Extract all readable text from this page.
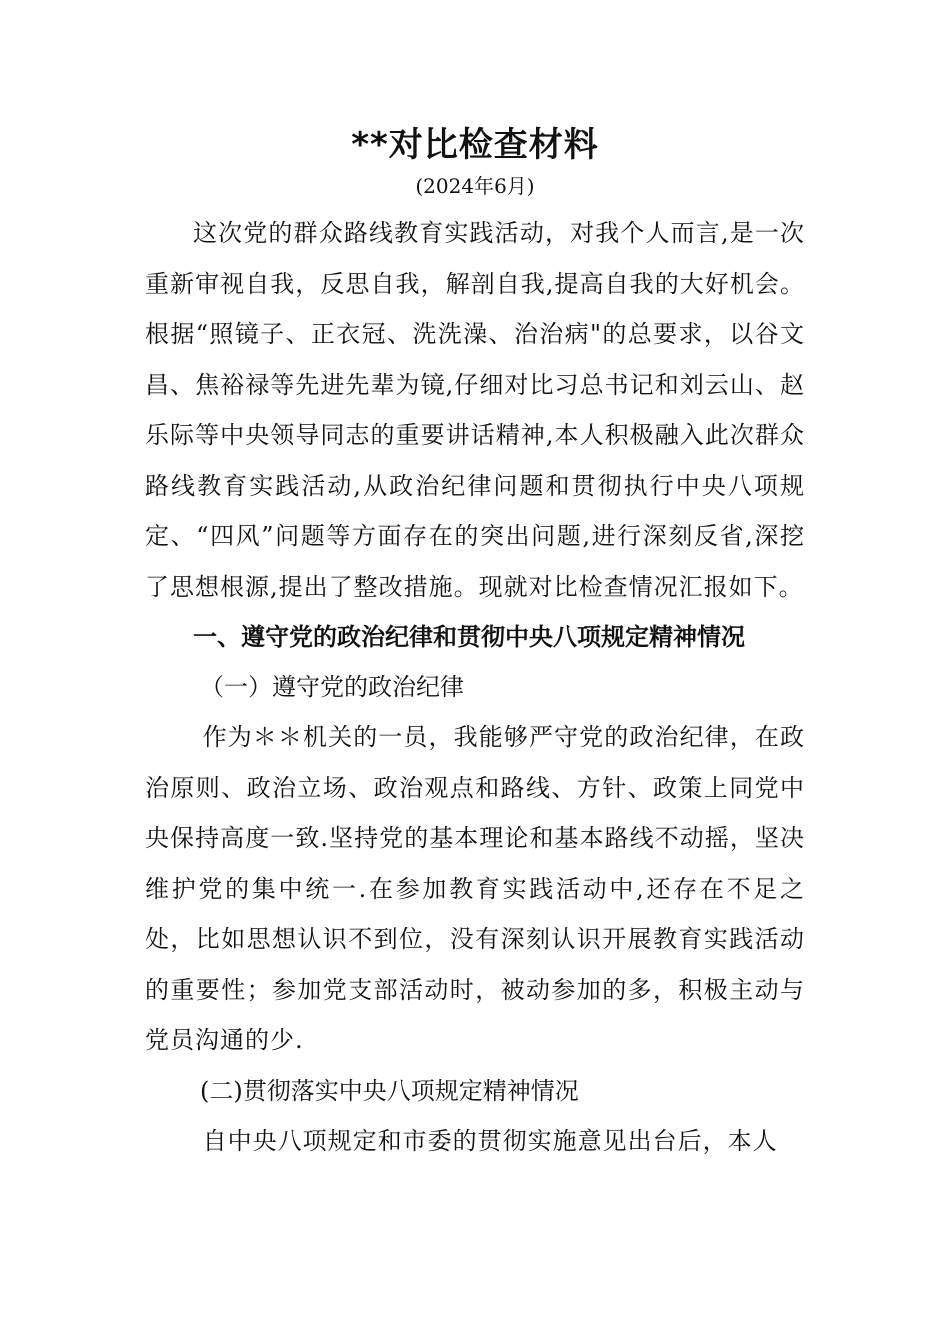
**对比检查材料
(2024年6月)

这次党的群众路线教育实践活动，对我个人而言,是一次重新审视自我，反思自我，解剖自我,提高自我的大好机会。根据“照镜子、正衣冠、洗洗澡、治治病"的总要求，以谷文昌、焦裕禄等先进先辈为镜,仔细对比习总书记和刘云山、赵乐际等中央领导同志的重要讲话精神,本人积极融入此次群众路线教育实践活动,从政治纪律问题和贯彻执行中央八项规定、“四风”问题等方面存在的突出问题,进行深刻反省,深挖了思想根源,提出了整改措施。现就对比检查情况汇报如下。

一、遵守党的政治纪律和贯彻中央八项规定精神情况
（一）遵守党的政治纪律

作为＊＊机关的一员，我能够严守党的政治纪律，在政治原则、政治立场、政治观点和路线、方针、政策上同党中央保持高度一致.坚持党的基本理论和基本路线不动摇，坚决维护党的集中统一.在参加教育实践活动中,还存在不足之处，比如思想认识不到位，没有深刻认识开展教育实践活动的重要性；参加党支部活动时，被动参加的多，积极主动与党员沟通的少.

(二)贯彻落实中央八项规定精神情况

自中央八项规定和市委的贯彻实施意见出台后，本人
